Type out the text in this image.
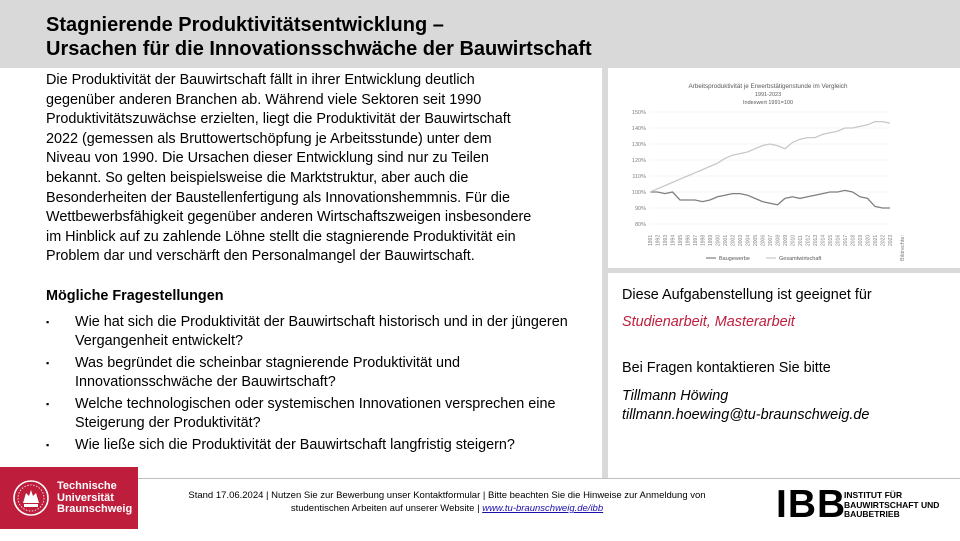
Stagnierende Produktivitätsentwicklung –
Ursachen für die Innovationsschwäche der Bauwirtschaft
Die Produktivität der Bauwirtschaft fällt in ihrer Entwicklung deutlich
gegenüber anderen Branchen ab. Während viele Sektoren seit 1990
Produktivitätszuwächse erzielten, liegt die Produktivität der Bauwirtschaft
2022 (gemessen als Bruttowertschöpfung je Arbeitsstunde) unter dem
Niveau von 1990. Die Ursachen dieser Entwicklung sind nur zu Teilen
bekannt. So gelten beispielsweise die Marktstruktur, aber auch die
Besonderheiten der Baustellenfertigung als Innovationshemmnis. Für die
Wettbewerbsfähigkeit gegenüber anderen Wirtschaftszweigen insbesondere
im Hinblick auf zu zahlende Löhne stellt die stagnierende Produktivität ein
Problem dar und verschärft den Personalmangel der Bauwirtschaft.

Mögliche Fragestellungen

▪ Wie hat sich die Produktivität der Bauwirtschaft historisch und in der jüngeren Vergangenheit entwickelt?
▪ Was begründet die scheinbar stagnierende Produktivität und Innovationsschwäche der Bauwirtschaft?
▪ Welche technologischen oder systemischen Innovationen versprechen eine Steigerung der Produktivität?
▪ Wie ließe sich die Produktivität der Bauwirtschaft langfristig steigern?
Arbeitsproduktivität je Erwerbstätigenstunde im Vergleich
1991-2023
Indexwert 1991=100
80%
90%
100%
110%
120%
130%
140%
150%
1991 1992 1993 1994 1995 1996 1997 1998 1999 2000 2001 2002 2003 2004 2005 2006 2007 2008 2009 2010 2011 2012 2013 2014 2015 2016 2017 2018 2019 2020 2021 2022 2023
Baugewerbe	Gesamtwirtschaft	Bildrechte:

Diese Aufgabenstellung ist geeignet für

Studienarbeit, Masterarbeit

Bei Fragen kontaktieren Sie bitte

Tillmann Höwing

tillmann.hoewing@tu-braunschweig.de

Technische
Universität
Braunschweig
Stand 17.06.2024 | Nutzen Sie zur Bewerbung unser Kontaktformular | Bitte beachten Sie die Hinweise zur Anmeldung von
studentischen Arbeiten auf unserer Website | www.tu-braunschweig.de/ibb	IBB
INSTITUT FÜR
BAUWIRTSCHAFT UND
BAUBETRIEB
